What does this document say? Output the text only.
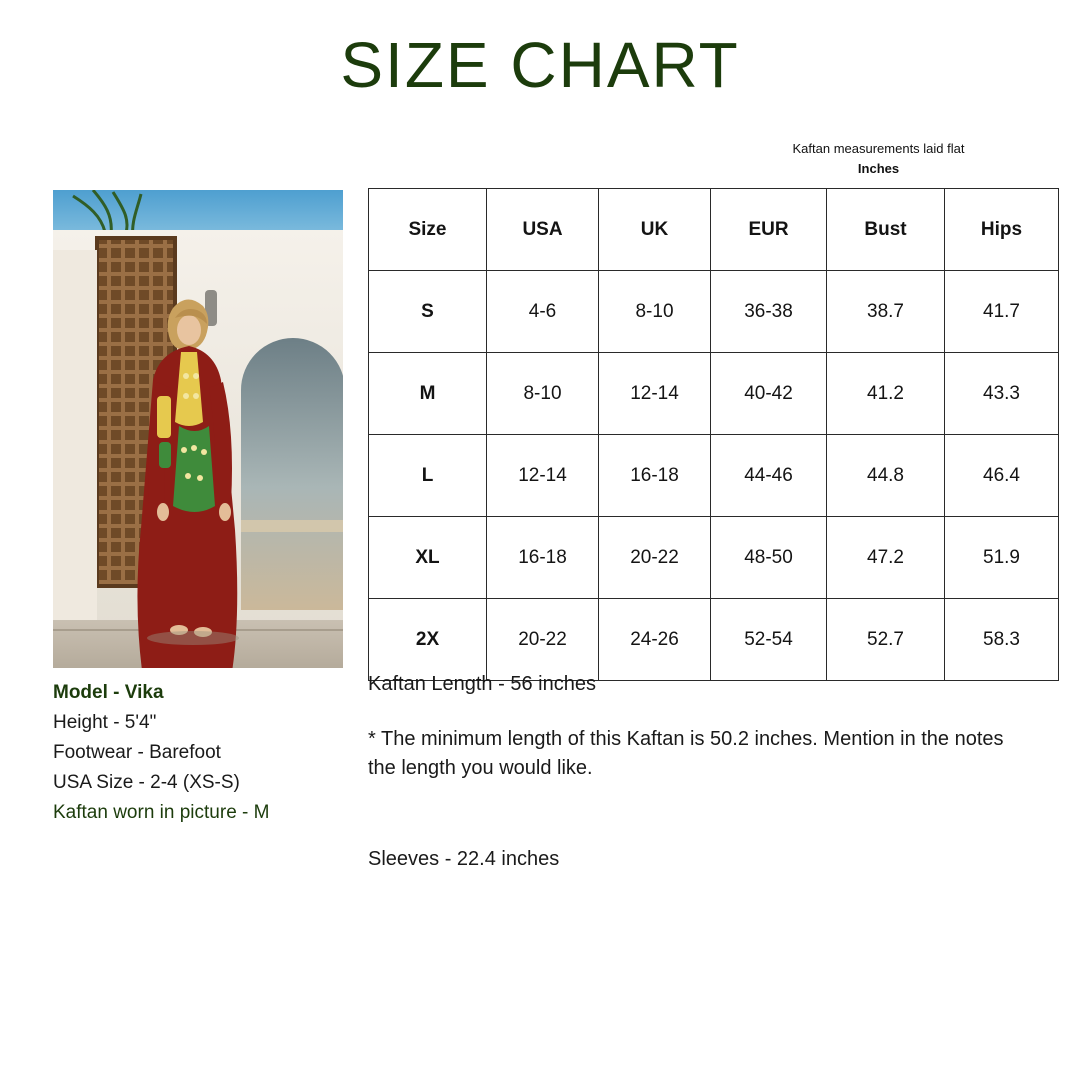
SIZE CHART
Kaftan measurements laid flat
Inches
Model - Vika
Height - 5'4"
Footwear - Barefoot
USA Size - 2-4 (XS-S)
Kaftan worn in picture - M
Size	USA	UK	EUR	Bust	Hips
S	4-6	8-10	36-38	38.7	41.7
M	8-10	12-14	40-42	41.2	43.3
L	12-14	16-18	44-46	44.8	46.4
XL	16-18	20-22	48-50	47.2	51.9
2X	20-22	24-26	52-54	52.7	58.3

Kaftan Length - 56 inches

* The minimum length of this Kaftan is 50.2 inches. Mention in the notes the length you would like.

Sleeves - 22.4 inches
